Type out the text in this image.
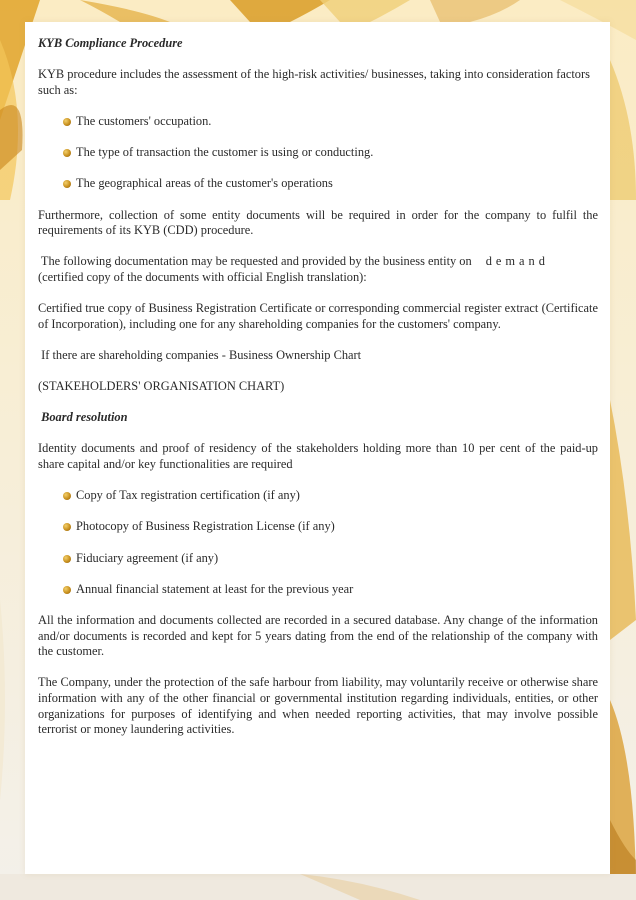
KYB Compliance Procedure

KYB procedure includes the assessment of the high-risk activities/ businesses, taking into consideration factors such as:

The customers' occupation.
The type of transaction the customer is using or conducting.
The geographical areas of the customer's operations

Furthermore, collection of some entity documents will be required in order for the company to fulfil the requirements of its KYB (CDD) procedure.

The following documentation may be requested and provided by the business entity on demand
(certified copy of the documents with official English translation):

Certified true copy of Business Registration Certificate or corresponding commercial register extract (Certificate of Incorporation), including one for any shareholding companies for the customers' company.

If there are shareholding companies - Business Ownership Chart

(STAKEHOLDERS' ORGANISATION CHART)

Board resolution

Identity documents and proof of residency of the stakeholders holding more than 10 per cent of the paid-up share capital and/or key functionalities are required

Copy of Tax registration certification (if any)
Photocopy of Business Registration License (if any)
Fiduciary agreement (if any)
Annual financial statement at least for the previous year

All the information and documents collected are recorded in a secured database. Any change of the information and/or documents is recorded and kept for 5 years dating from the end of the relationship of the company with the customer.

The Company, under the protection of the safe harbour from liability, may voluntarily receive or otherwise share information with any of the other financial or governmental institution regarding individuals, entities, or other organizations for purposes of identifying and when needed reporting activities, that may involve possible terrorist or money laundering activities.
